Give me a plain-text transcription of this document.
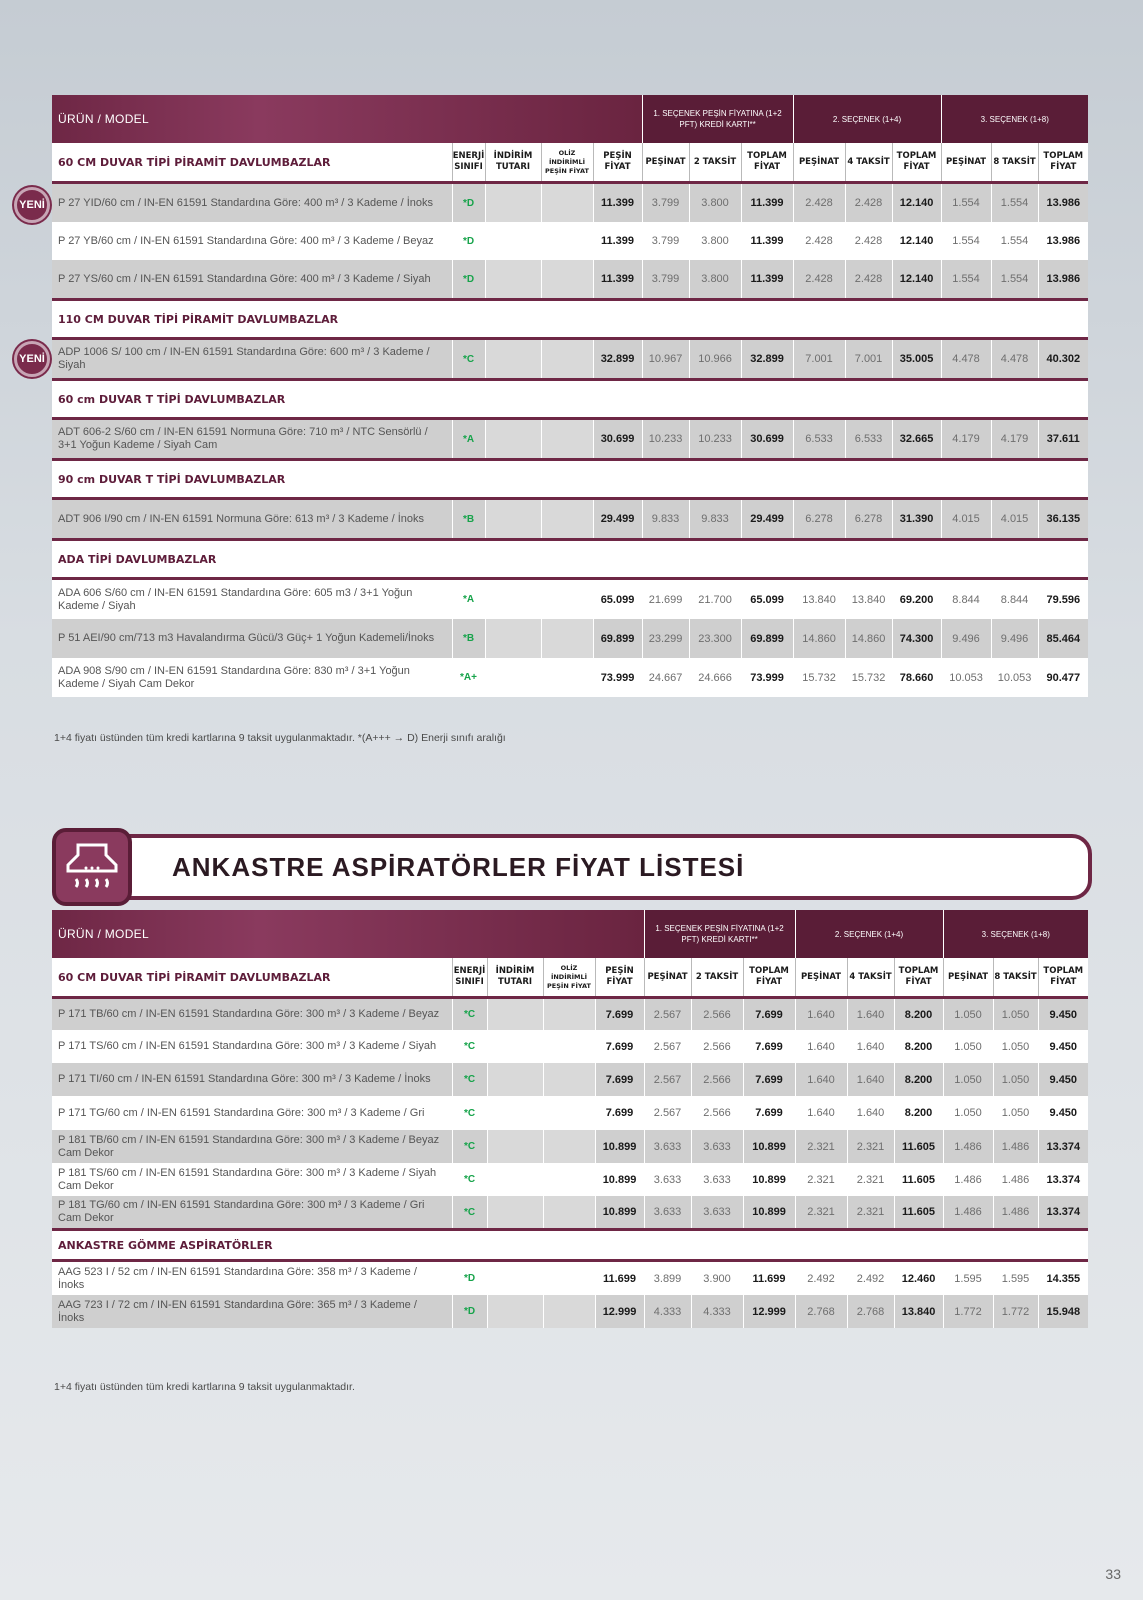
ÜRÜN / MODEL					1. SEÇENEK PEŞİN FİYATINA (1+2 PFT) KREDİ KARTI**			2. SEÇENEK (1+4)			3. SEÇENEK (1+8)		
60 CM DUVAR TİPİ PİRAMİT DAVLUMBAZLAR	ENERJİ SINIFI	İNDİRİM TUTARI	OLİZ İNDİRİMLİ PEŞİN FİYAT	PEŞİN FİYAT	PEŞİNAT	2 TAKSİT	TOPLAM FİYAT	PEŞİNAT	4 TAKSİT	TOPLAM FİYAT	PEŞİNAT	8 TAKSİT	TOPLAM FİYAT

P 27 YID/60 cm / IN-EN 61591 Standardına Göre: 400 m³ / 3 Kademe / İnoks	*D			11.399	3.799	3.800	11.399	2.428	2.428	12.140	1.554	1.554	13.986
P 27 YB/60 cm / IN-EN 61591 Standardına Göre: 400 m³ / 3 Kademe / Beyaz	*D			11.399	3.799	3.800	11.399	2.428	2.428	12.140	1.554	1.554	13.986
P 27 YS/60 cm / IN-EN 61591 Standardına Göre: 400 m³ / 3 Kademe / Siyah	*D			11.399	3.799	3.800	11.399	2.428	2.428	12.140	1.554	1.554	13.986

110 CM DUVAR TİPİ PİRAMİT DAVLUMBAZLAR													

ADP 1006 S/ 100 cm / IN-EN 61591 Standardına Göre: 600 m³ / 3 Kademe / Siyah	*C			32.899	10.967	10.966	32.899	7.001	7.001	35.005	4.478	4.478	40.302

60 cm DUVAR T TİPİ DAVLUMBAZLAR													

ADT 606-2 S/60 cm / IN-EN 61591 Normuna Göre: 710 m³ / NTC Sensörlü / 3+1 Yoğun Kademe / Siyah Cam	*A			30.699	10.233	10.233	30.699	6.533	6.533	32.665	4.179	4.179	37.611

90 cm DUVAR T TİPİ DAVLUMBAZLAR													

ADT 906 I/90 cm / IN-EN 61591 Normuna Göre: 613 m³ / 3 Kademe / İnoks	*B			29.499	9.833	9.833	29.499	6.278	6.278	31.390	4.015	4.015	36.135

ADA TİPİ DAVLUMBAZLAR													

ADA 606 S/60 cm / IN-EN 61591 Standardına Göre: 605 m3 / 3+1 Yoğun Kademe / Siyah	*A			65.099	21.699	21.700	65.099	13.840	13.840	69.200	8.844	8.844	79.596
P 51 AEI/90 cm/713 m3 Havalandırma Gücü/3 Güç+ 1 Yoğun Kademeli/İnoks	*B			69.899	23.299	23.300	69.899	14.860	14.860	74.300	9.496	9.496	85.464
ADA 908 S/90 cm / IN-EN 61591 Standardına Göre: 830 m³ / 3+1 Yoğun Kademe / Siyah Cam Dekor	*A+			73.999	24.667	24.666	73.999	15.732	15.732	78.660	10.053	10.053	90.477
1+4 fiyatı üstünden tüm kredi kartlarına 9 taksit uygulanmaktadır. *(A+++ → D) Enerji sınıfı aralığı
YENİ
YENİ
ANKASTRE ASPİRATÖRLER FİYAT LİSTESİ
ÜRÜN / MODEL					1. SEÇENEK PEŞİN FİYATINA (1+2 PFT) KREDİ KARTI**			2. SEÇENEK (1+4)			3. SEÇENEK (1+8)		
60 CM DUVAR TİPİ PİRAMİT DAVLUMBAZLAR	ENERJİ SINIFI	İNDİRİM TUTARI	OLİZ İNDİRİMLİ PEŞİN FİYAT	PEŞİN FİYAT	PEŞİNAT	2 TAKSİT	TOPLAM FİYAT	PEŞİNAT	4 TAKSİT	TOPLAM FİYAT	PEŞİNAT	8 TAKSİT	TOPLAM FİYAT

P 171 TB/60 cm / IN-EN 61591 Standardına Göre: 300 m³ / 3 Kademe / Beyaz	*C			7.699	2.567	2.566	7.699	1.640	1.640	8.200	1.050	1.050	9.450
P 171 TS/60 cm / IN-EN 61591 Standardına Göre: 300 m³ / 3 Kademe / Siyah	*C			7.699	2.567	2.566	7.699	1.640	1.640	8.200	1.050	1.050	9.450
P 171 TI/60 cm / IN-EN 61591 Standardına Göre: 300 m³ / 3 Kademe / İnoks	*C			7.699	2.567	2.566	7.699	1.640	1.640	8.200	1.050	1.050	9.450
P 171 TG/60 cm / IN-EN 61591 Standardına Göre: 300 m³ / 3 Kademe / Gri	*C			7.699	2.567	2.566	7.699	1.640	1.640	8.200	1.050	1.050	9.450
P 181 TB/60 cm / IN-EN 61591 Standardına Göre: 300 m³ / 3 Kademe / Beyaz Cam Dekor	*C			10.899	3.633	3.633	10.899	2.321	2.321	11.605	1.486	1.486	13.374
P 181 TS/60 cm / IN-EN 61591 Standardına Göre: 300 m³ / 3 Kademe / Siyah Cam Dekor	*C			10.899	3.633	3.633	10.899	2.321	2.321	11.605	1.486	1.486	13.374
P 181 TG/60 cm / IN-EN 61591 Standardına Göre: 300 m³ / 3 Kademe / Gri Cam Dekor	*C			10.899	3.633	3.633	10.899	2.321	2.321	11.605	1.486	1.486	13.374

ANKASTRE GÖMME ASPİRATÖRLER													

AAG 523 I / 52 cm / IN-EN 61591 Standardına Göre: 358 m³ / 3 Kademe / İnoks	*D			11.699	3.899	3.900	11.699	2.492	2.492	12.460	1.595	1.595	14.355
AAG 723 I / 72 cm / IN-EN 61591 Standardına Göre: 365 m³ / 3 Kademe / İnoks	*D			12.999	4.333	4.333	12.999	2.768	2.768	13.840	1.772	1.772	15.948
1+4 fiyatı üstünden tüm kredi kartlarına 9 taksit uygulanmaktadır.
33
